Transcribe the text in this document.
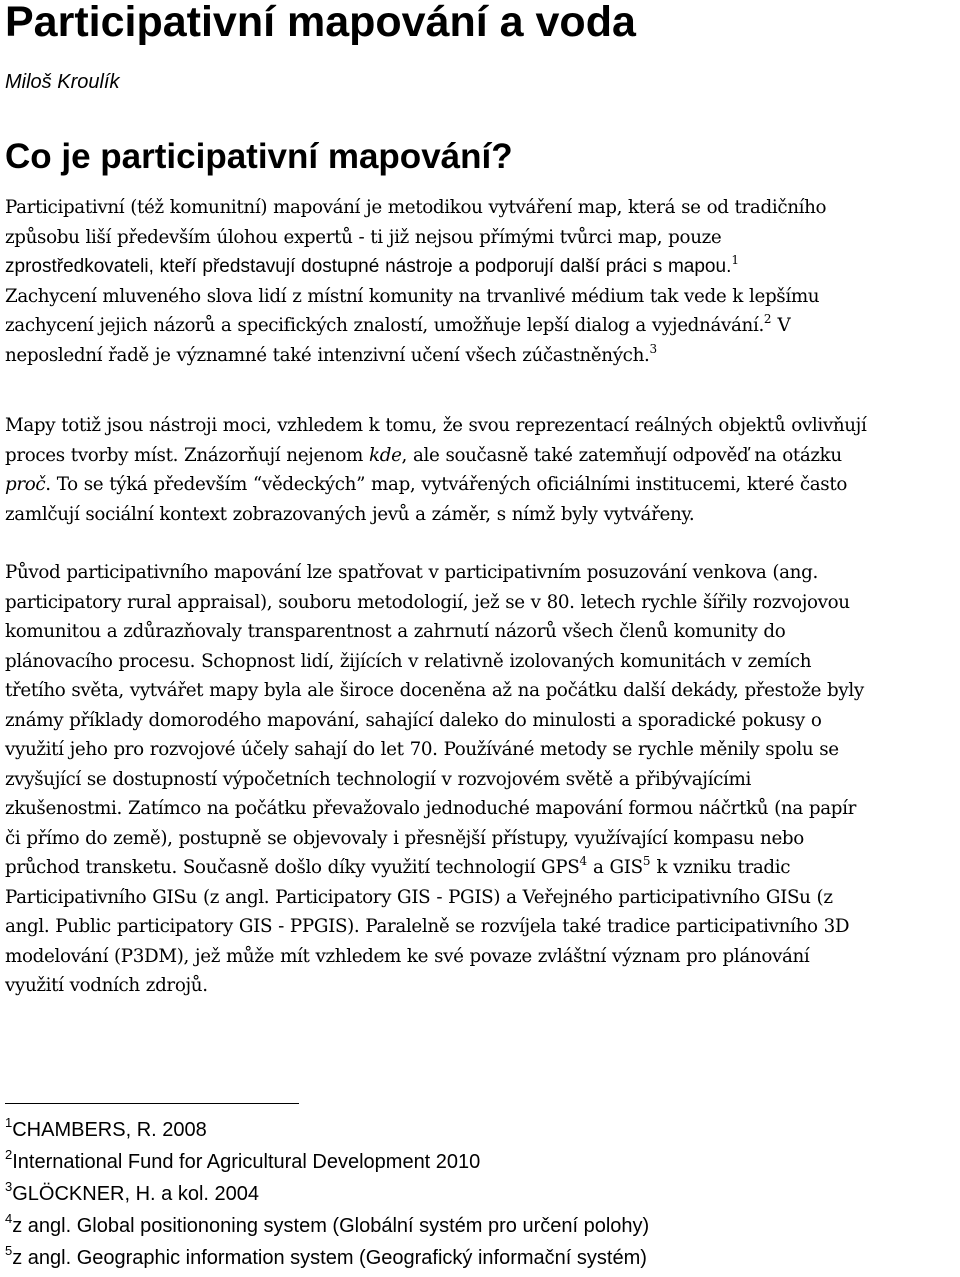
Participativní mapování a voda

Miloš Kroulík

Co je participativní mapování?

Participativní (též komunitní) mapování je metodikou vytváření map, která se od tradičního
způsobu liší především úlohou expertů - ti již nejsou přímými tvůrci map, pouze
zprostředkovateli, kteří představují dostupné nástroje a podporují další práci s mapou.$^1$
Zachycení mluveného slova lidí z místní komunity na trvanlivé médium tak vede k lepšímu
zachycení jejich názorů a specifických znalostí, umožňuje lepší dialog a vyjednávání.$^2$ V
neposlední řadě je významné také intenzivní učení všech zúčastněných.$^3$

Mapy totiž jsou nástroji moci, vzhledem k tomu, že svou reprezentací reálných objektů ovlivňují
proces tvorby míst. Znázorňují nejenom kde, ale současně také zatemňují odpověď na otázku
proč. To se týká především “vědeckých” map, vytvářených oficiálními institucemi, které často
zamlčují sociální kontext zobrazovaných jevů a záměr, s nímž byly vytvářeny.

Původ participativního mapování lze spatřovat v participativním posuzování venkova (ang.
participatory rural appraisal), souboru metodologií, jež se v 80. letech rychle šířily rozvojovou
komunitou a zdůrazňovaly transparentnost a zahrnutí názorů všech členů komunity do
plánovacího procesu. Schopnost lidí, žijících v relativně izolovaných komunitách v zemích
třetího světa, vytvářet mapy byla ale široce doceněna až na počátku další dekády, přestože byly
známy příklady domorodého mapování, sahající daleko do minulosti a sporadické pokusy o
využití jeho pro rozvojové účely sahají do let 70. Používáné metody se rychle měnily spolu se
zvyšující se dostupností výpočetních technologií v rozvojovém světě a přibývajícími
zkušenostmi. Zatímco na počátku převažovalo jednoduché mapování formou náčrtků (na papír
či přímo do země), postupně se objevovaly i přesnější přístupy, využívající kompasu nebo
průchod transketu. Současně došlo díky využití technologií GPS$^4$ a GIS$^5$ k vzniku tradic
Participativního GISu (z angl. Participatory GIS - PGIS) a Veřejného participativního GISu (z
angl. Public participatory GIS - PPGIS). Paralelně se rozvíjela také tradice participativního 3D
modelování (P3DM), jež může mít vzhledem ke své povaze zvláštní význam pro plánování
využití vodních zdrojů.

$^1$CHAMBERS, R. 2008
$^2$International Fund for Agricultural Development 2010
$^3$GLÖCKNER, H. a kol. 2004
$^4$z angl. Global positiononing system (Globální systém pro určení polohy)
$^5$z angl. Geographic information system (Geografický informační systém)
